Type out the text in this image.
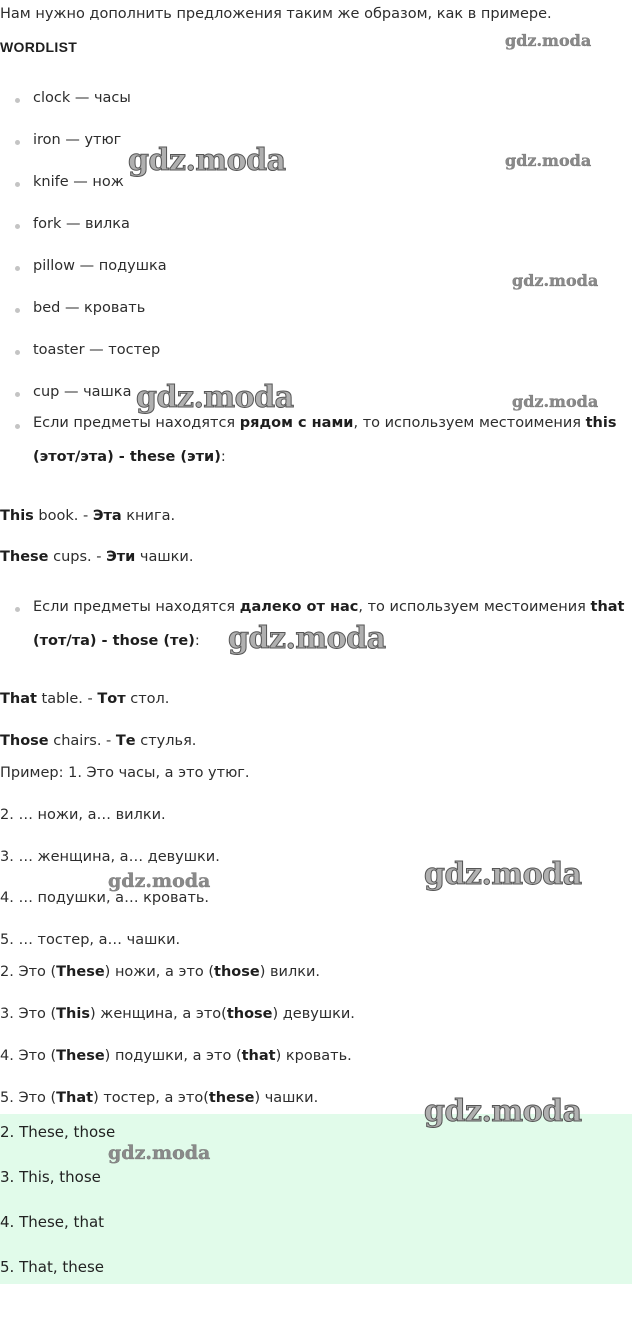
Нам нужно дополнить предложения таким же образом, как в примере.
WORDLIST
clock — часы
iron — утюг
knife — нож
fork — вилка
pillow — подушка
bed — кровать
toaster — тостер
cup — чашка
Если предметы находятся рядом с нами, то используем местоимения this (этот/эта) - these (эти):
This book. - Эта книга.
These cups. - Эти чашки.
Если предметы находятся далеко от нас, то используем местоимения that (тот/та) - those (те):
That table. - Тот стол.
Those chairs. - Те стулья.
Пример: 1. Это часы, а это утюг.
2. … ножи, а… вилки.
3. … женщина, а… девушки.
4. … подушки, а… кровать.
5. … тостер, а… чашки.
2. Это (These) ножи, а это (those) вилки.
3. Это (This) женщина, а это(those) девушки.
4. Это (These) подушки, а это (that) кровать.
5. Это (That) тостер, а это(these) чашки.
2. These, those
3. This, those
4. These, that
5. That, these
gdz.moda
gdz.moda
gdz.moda
gdz.moda
gdz.moda	gdz.moda
gdz.moda
gdz.moda	gdz.moda
gdz.moda
gdz.moda
